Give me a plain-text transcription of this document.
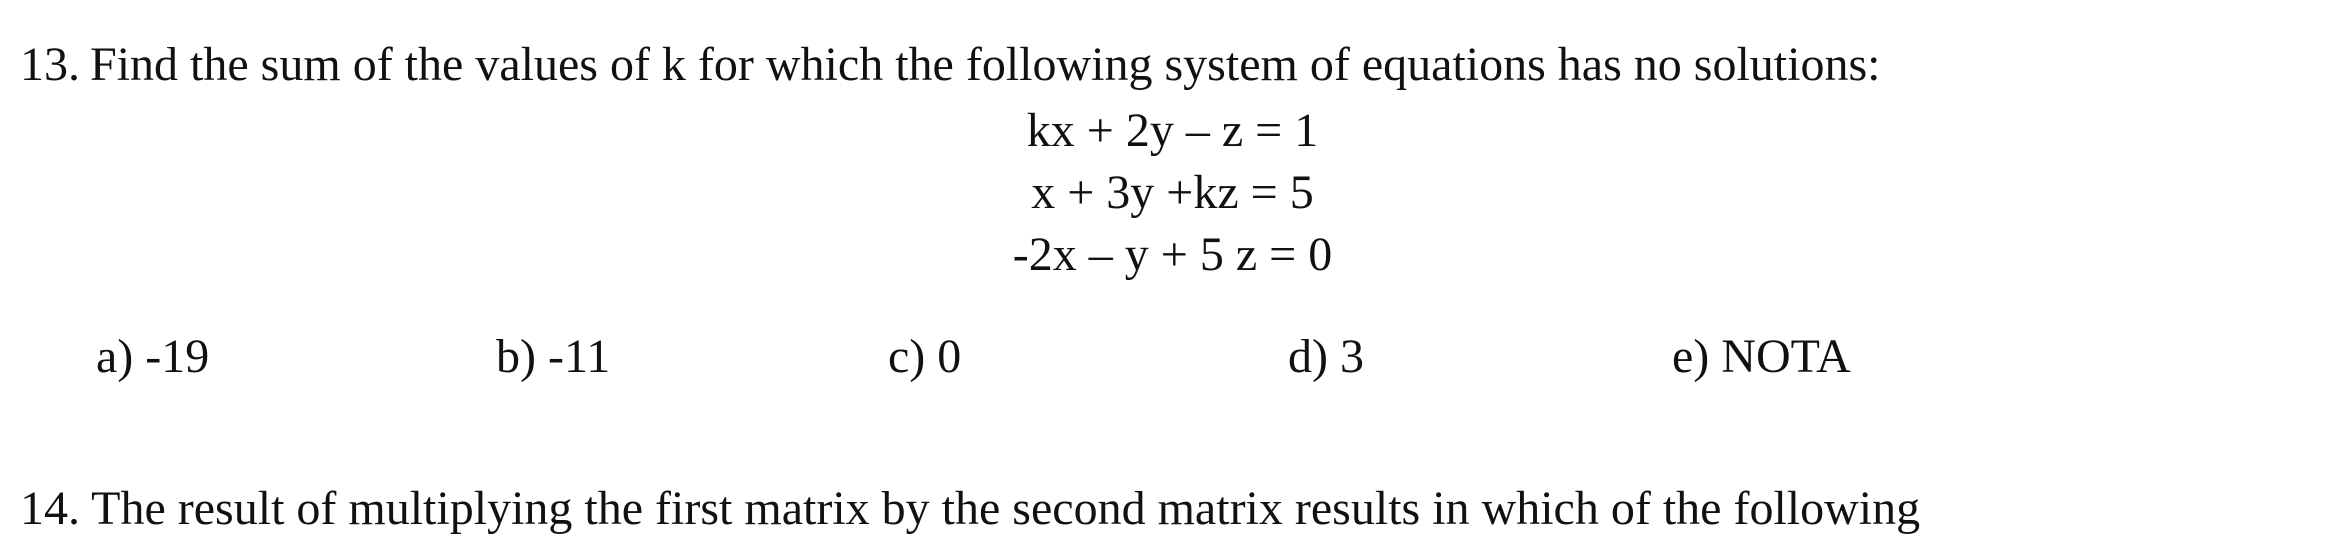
13. Find the sum of the values of k for which the following system of equations has no solutions:
kx + 2y – z = 1
x + 3y +kz = 5
-2x – y + 5 z = 0
a) -19	b) -11	c) 0	d) 3	e) NOTA
14. The result of multiplying the first matrix by the second matrix results in which of the following
